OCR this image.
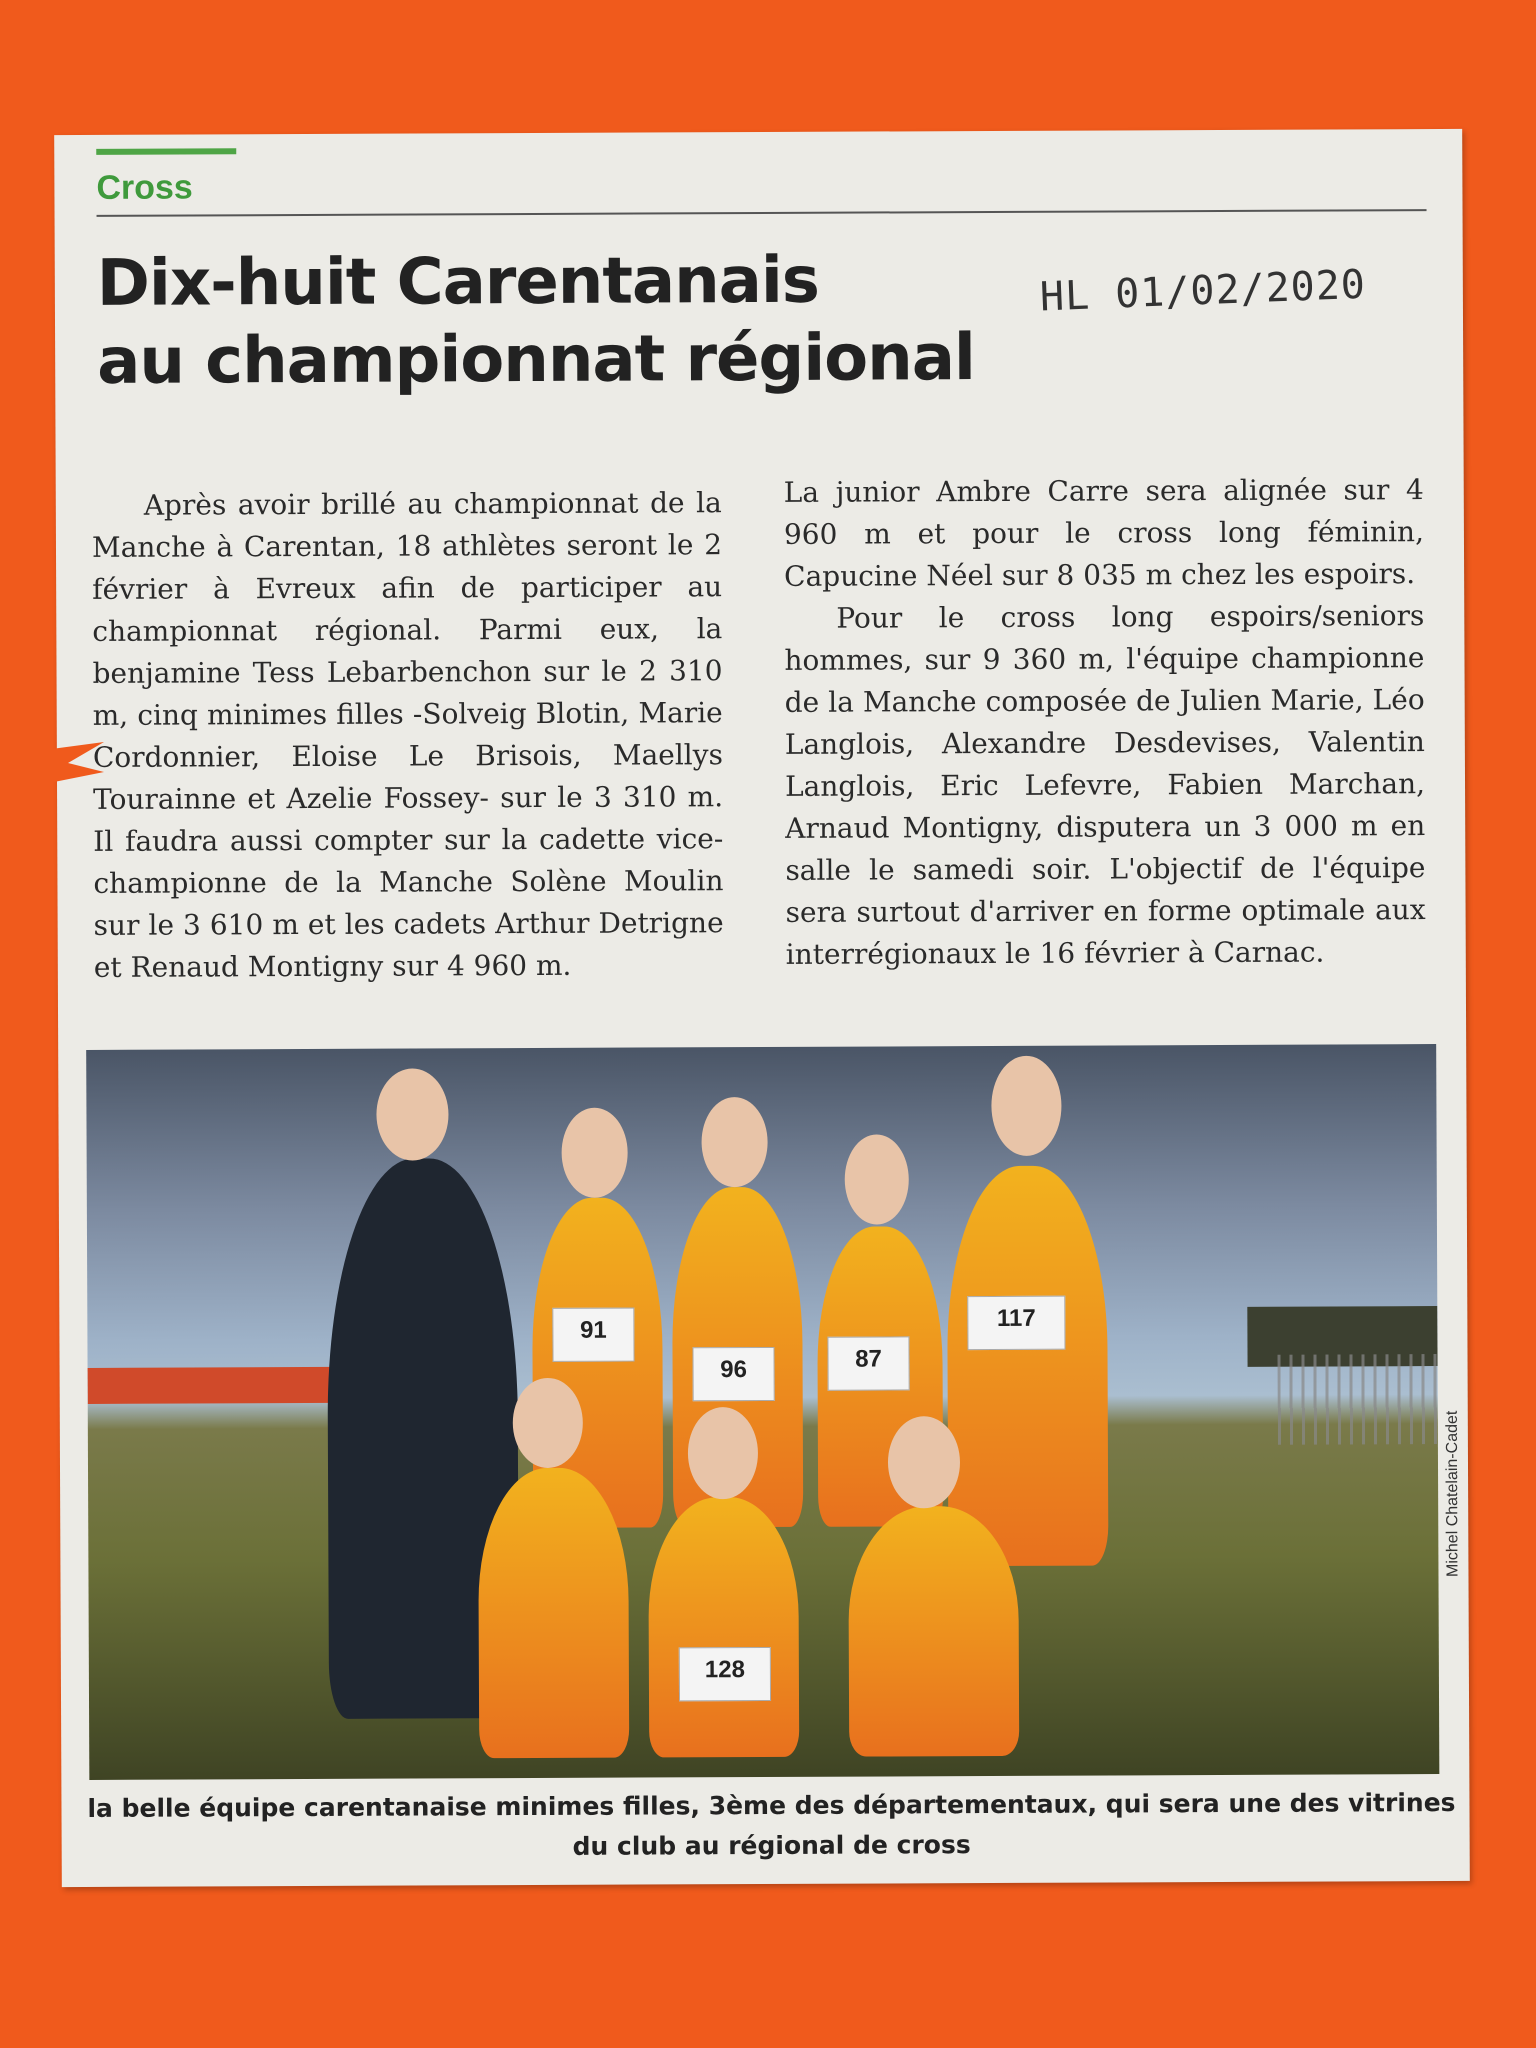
Cross
Dix-huit Carentanais
au championnat régional
HL 01/02/2020

Après avoir brillé au championnat de la Manche à Carentan, 18 athlètes seront le 2 février à Evreux afin de participer au championnat régional. Parmi eux, la benjamine Tess Lebarbenchon sur le 2 310 m, cinq minimes filles -Solveig Blotin, Marie Cordonnier, Eloise Le Brisois, Maellys Tourainne et Azelie Fossey- sur le 3 310 m. Il faudra aussi compter sur la cadette vice-championne de la Manche Solène Moulin sur le 3 610 m et les cadets Arthur Detrigne et Renaud Montigny sur 4 960 m.

La junior Ambre Carre sera alignée sur 4 960 m et pour le cross long féminin, Capucine Néel sur 8 035 m chez les espoirs.

Pour le cross long espoirs/seniors hommes, sur 9 360 m, l'équipe championne de la Manche composée de Julien Marie, Léo Langlois, Alexandre Desdevises, Valentin Langlois, Eric Lefevre, Fabien Marchan, Arnaud Montigny, disputera un 3 000 m en salle le samedi soir. L'objectif de l'équipe sera surtout d'arriver en forme optimale aux interrégionaux le 16 février à Carnac.

91
96	87
117
128
Michel Chatelain-Cadet
la belle équipe carentanaise minimes filles, 3ème des départementaux, qui sera une des vitrines du club au régional de cross
